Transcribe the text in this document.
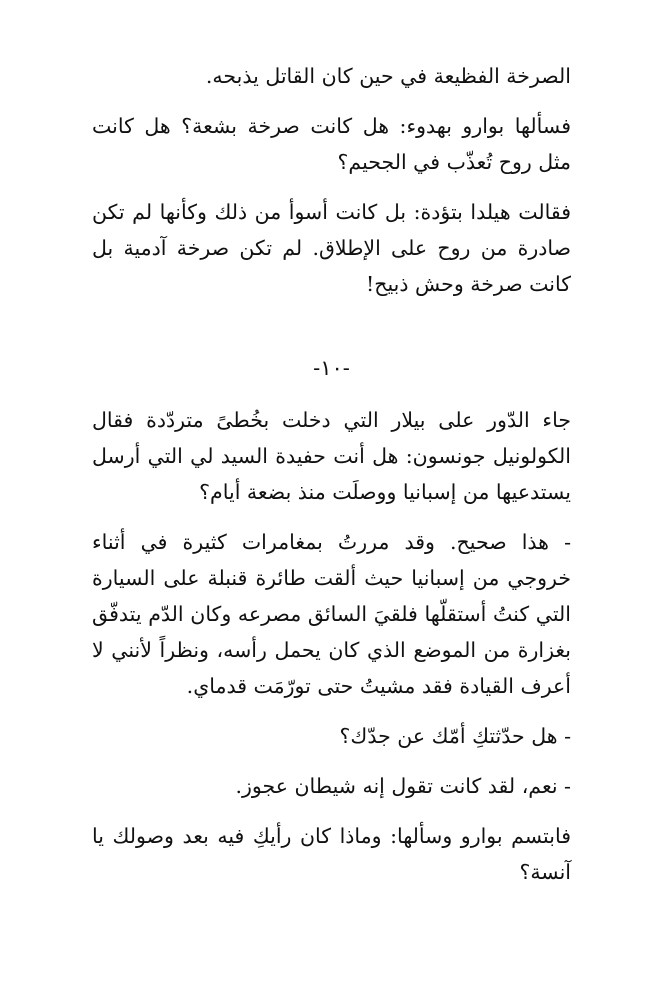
الصرخة الفظيعة في حين كان القاتل يذبحه.

فسألها بوارو بهدوء: هل كانت صرخة بشعة؟ هل كانت مثل روح تُعذّب في الجحيم؟

فقالت هيلدا بتؤدة: بل كانت أسوأ من ذلك وكأنها لم تكن صادرة من روح على الإطلاق. لم تكن صرخة آدمية بل كانت صرخة وحش ذبيح!

-١٠-

جاء الدّور على بيلار التي دخلت بخُطىً متردّدة فقال الكولونيل جونسون: هل أنت حفيدة السيد لي التي أرسل يستدعيها من إسبانيا ووصلَت منذ بضعة أيام؟

- هذا صحيح. وقد مررتُ بمغامرات كثيرة في أثناء خروجي من إسبانيا حيث ألقت طائرة قنبلة على السيارة التي كنتُ أستقلّها فلقيَ السائق مصرعه وكان الدّم يتدفّق بغزارة من الموضع الذي كان يحمل رأسه، ونظراً لأنني لا أعرف القيادة فقد مشيتُ حتى تورّمَت قدماي.

- هل حدّثتكِ أمّك عن جدّك؟

- نعم، لقد كانت تقول إنه شيطان عجوز.

فابتسم بوارو وسألها: وماذا كان رأيكِ فيه بعد وصولك يا آنسة؟
